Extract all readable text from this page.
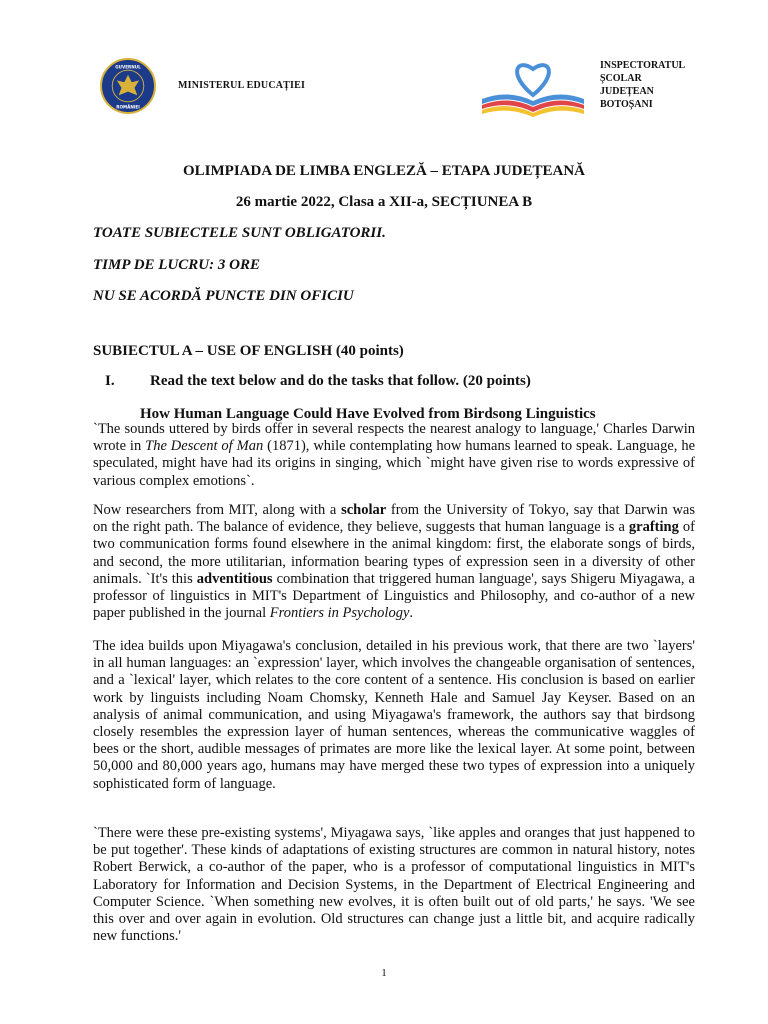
GUVERNUL
ROMÂNIEI
MINISTERUL EDUCAȚIEI
INSPECTORATUL
ȘCOLAR
JUDEȚEAN
BOTOȘANI
OLIMPIADA DE LIMBA ENGLEZĂ – ETAPA JUDEȚEANĂ
26 martie 2022, Clasa a XII-a, SECȚIUNEA B
TOATE SUBIECTELE SUNT OBLIGATORII.
TIMP DE LUCRU: 3 ORE
NU SE ACORDĂ PUNCTE DIN OFICIU
SUBIECTUL A – USE OF ENGLISH (40 points)
I. Read the text below and do the tasks that follow. (20 points)
How Human Language Could Have Evolved from Birdsong Linguistics

`The sounds uttered by birds offer in several respects the nearest analogy to language,' Charles Darwin wrote in The Descent of Man (1871), while contemplating how humans learned to speak. Language, he speculated, might have had its origins in singing, which `might have given rise to words expressive of various complex emotions`.

Now researchers from MIT, along with a scholar from the University of Tokyo, say that Darwin was on the right path. The balance of evidence, they believe, suggests that human language is a grafting of two communication forms found elsewhere in the animal kingdom: first, the elaborate songs of birds, and second, the more utilitarian, information bearing types of expression seen in a diversity of other animals. `It's this adventitious combination that triggered human language', says Shigeru Miyagawa, a professor of linguistics in MIT's Department of Linguistics and Philosophy, and co-author of a new paper published in the journal Frontiers in Psychology.

The idea builds upon Miyagawa's conclusion, detailed in his previous work, that there are two `layers' in all human languages: an `expression' layer, which involves the changeable organisation of sentences, and a `lexical' layer, which relates to the core content of a sentence. His conclusion is based on earlier work by linguists including Noam Chomsky, Kenneth Hale and Samuel Jay Keyser. Based on an analysis of animal communication, and using Miyagawa's framework, the authors say that birdsong closely resembles the expression layer of human sentences, whereas the communicative waggles of bees or the short, audible messages of primates are more like the lexical layer. At some point, between 50,000 and 80,000 years ago, humans may have merged these two types of expression into a uniquely sophisticated form of language.

`There were these pre-existing systems', Miyagawa says, `like apples and oranges that just happened to be put together'. These kinds of adaptations of existing structures are common in natural history, notes Robert Berwick, a co-author of the paper, who is a professor of computational linguistics in MIT's Laboratory for Information and Decision Systems, in the Department of Electrical Engineering and Computer Science. `When something new evolves, it is often built out of old parts,' he says. 'We see this over and over again in evolution. Old structures can change just a little bit, and acquire radically new functions.'

1
